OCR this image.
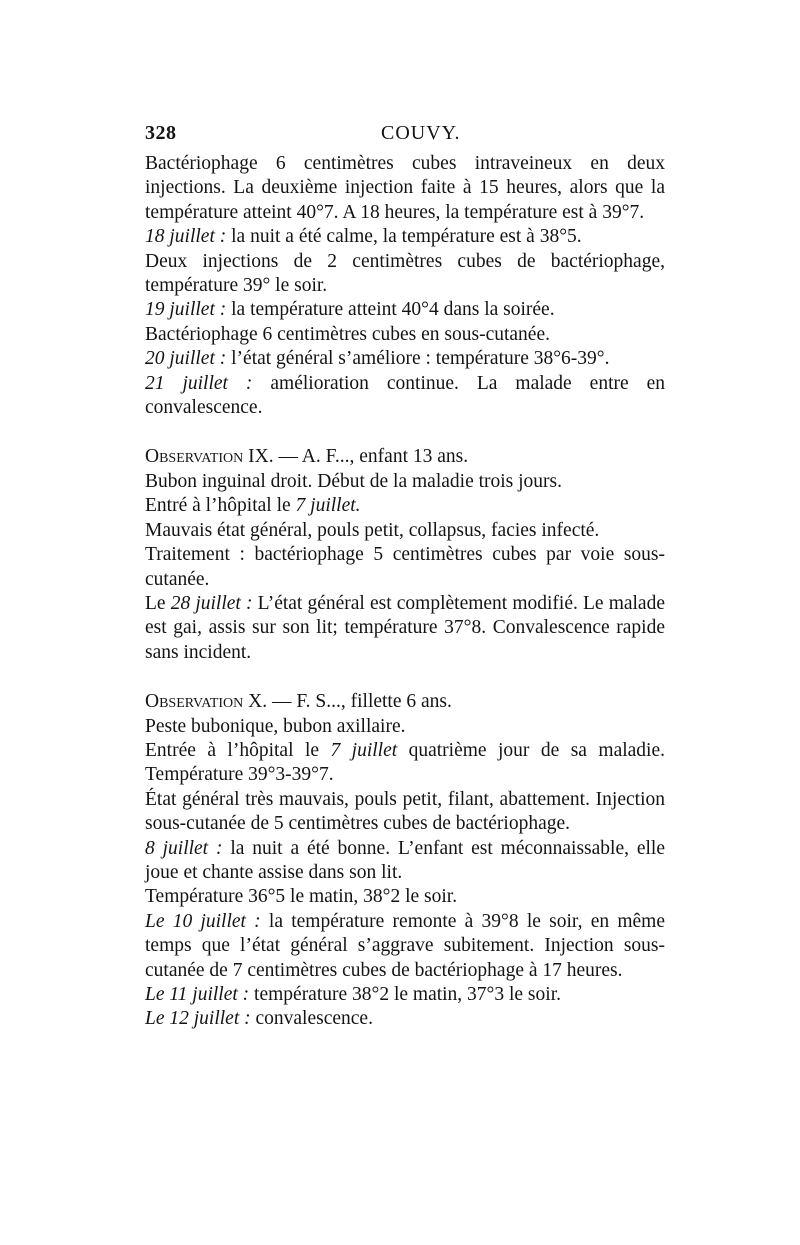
328	COUVY.

Bactériophage 6 centimètres cubes intraveineux en deux injections. La deuxième injection faite à 15 heures, alors que la température atteint 40°7. A 18 heures, la température est à 39°7.

18 juillet : la nuit a été calme, la température est à 38°5.

Deux injections de 2 centimètres cubes de bactériophage, température 39° le soir.

19 juillet : la température atteint 40°4 dans la soirée.

Bactériophage 6 centimètres cubes en sous-cutanée.

20 juillet : l’état général s’améliore : température 38°6-39°.

21 juillet : amélioration continue. La malade entre en convalescence.

Observation IX. — A. F..., enfant 13 ans.

Bubon inguinal droit. Début de la maladie trois jours.

Entré à l’hôpital le 7 juillet.

Mauvais état général, pouls petit, collapsus, facies infecté.

Traitement : bactériophage 5 centimètres cubes par voie sous-cutanée.

Le 28 juillet : L’état général est complètement modifié. Le malade est gai, assis sur son lit; température 37°8. Convalescence rapide sans incident.

Observation X. — F. S..., fillette 6 ans.

Peste bubonique, bubon axillaire.

Entrée à l’hôpital le 7 juillet quatrième jour de sa maladie. Température 39°3-39°7.

État général très mauvais, pouls petit, filant, abattement. Injection sous-cutanée de 5 centimètres cubes de bactériophage.

8 juillet : la nuit a été bonne. L’enfant est méconnaissable, elle joue et chante assise dans son lit.

Température 36°5 le matin, 38°2 le soir.

Le 10 juillet : la température remonte à 39°8 le soir, en même temps que l’état général s’aggrave subitement. Injection sous-cutanée de 7 centimètres cubes de bactériophage à 17 heures.

Le 11 juillet : température 38°2 le matin, 37°3 le soir.

Le 12 juillet : convalescence.
